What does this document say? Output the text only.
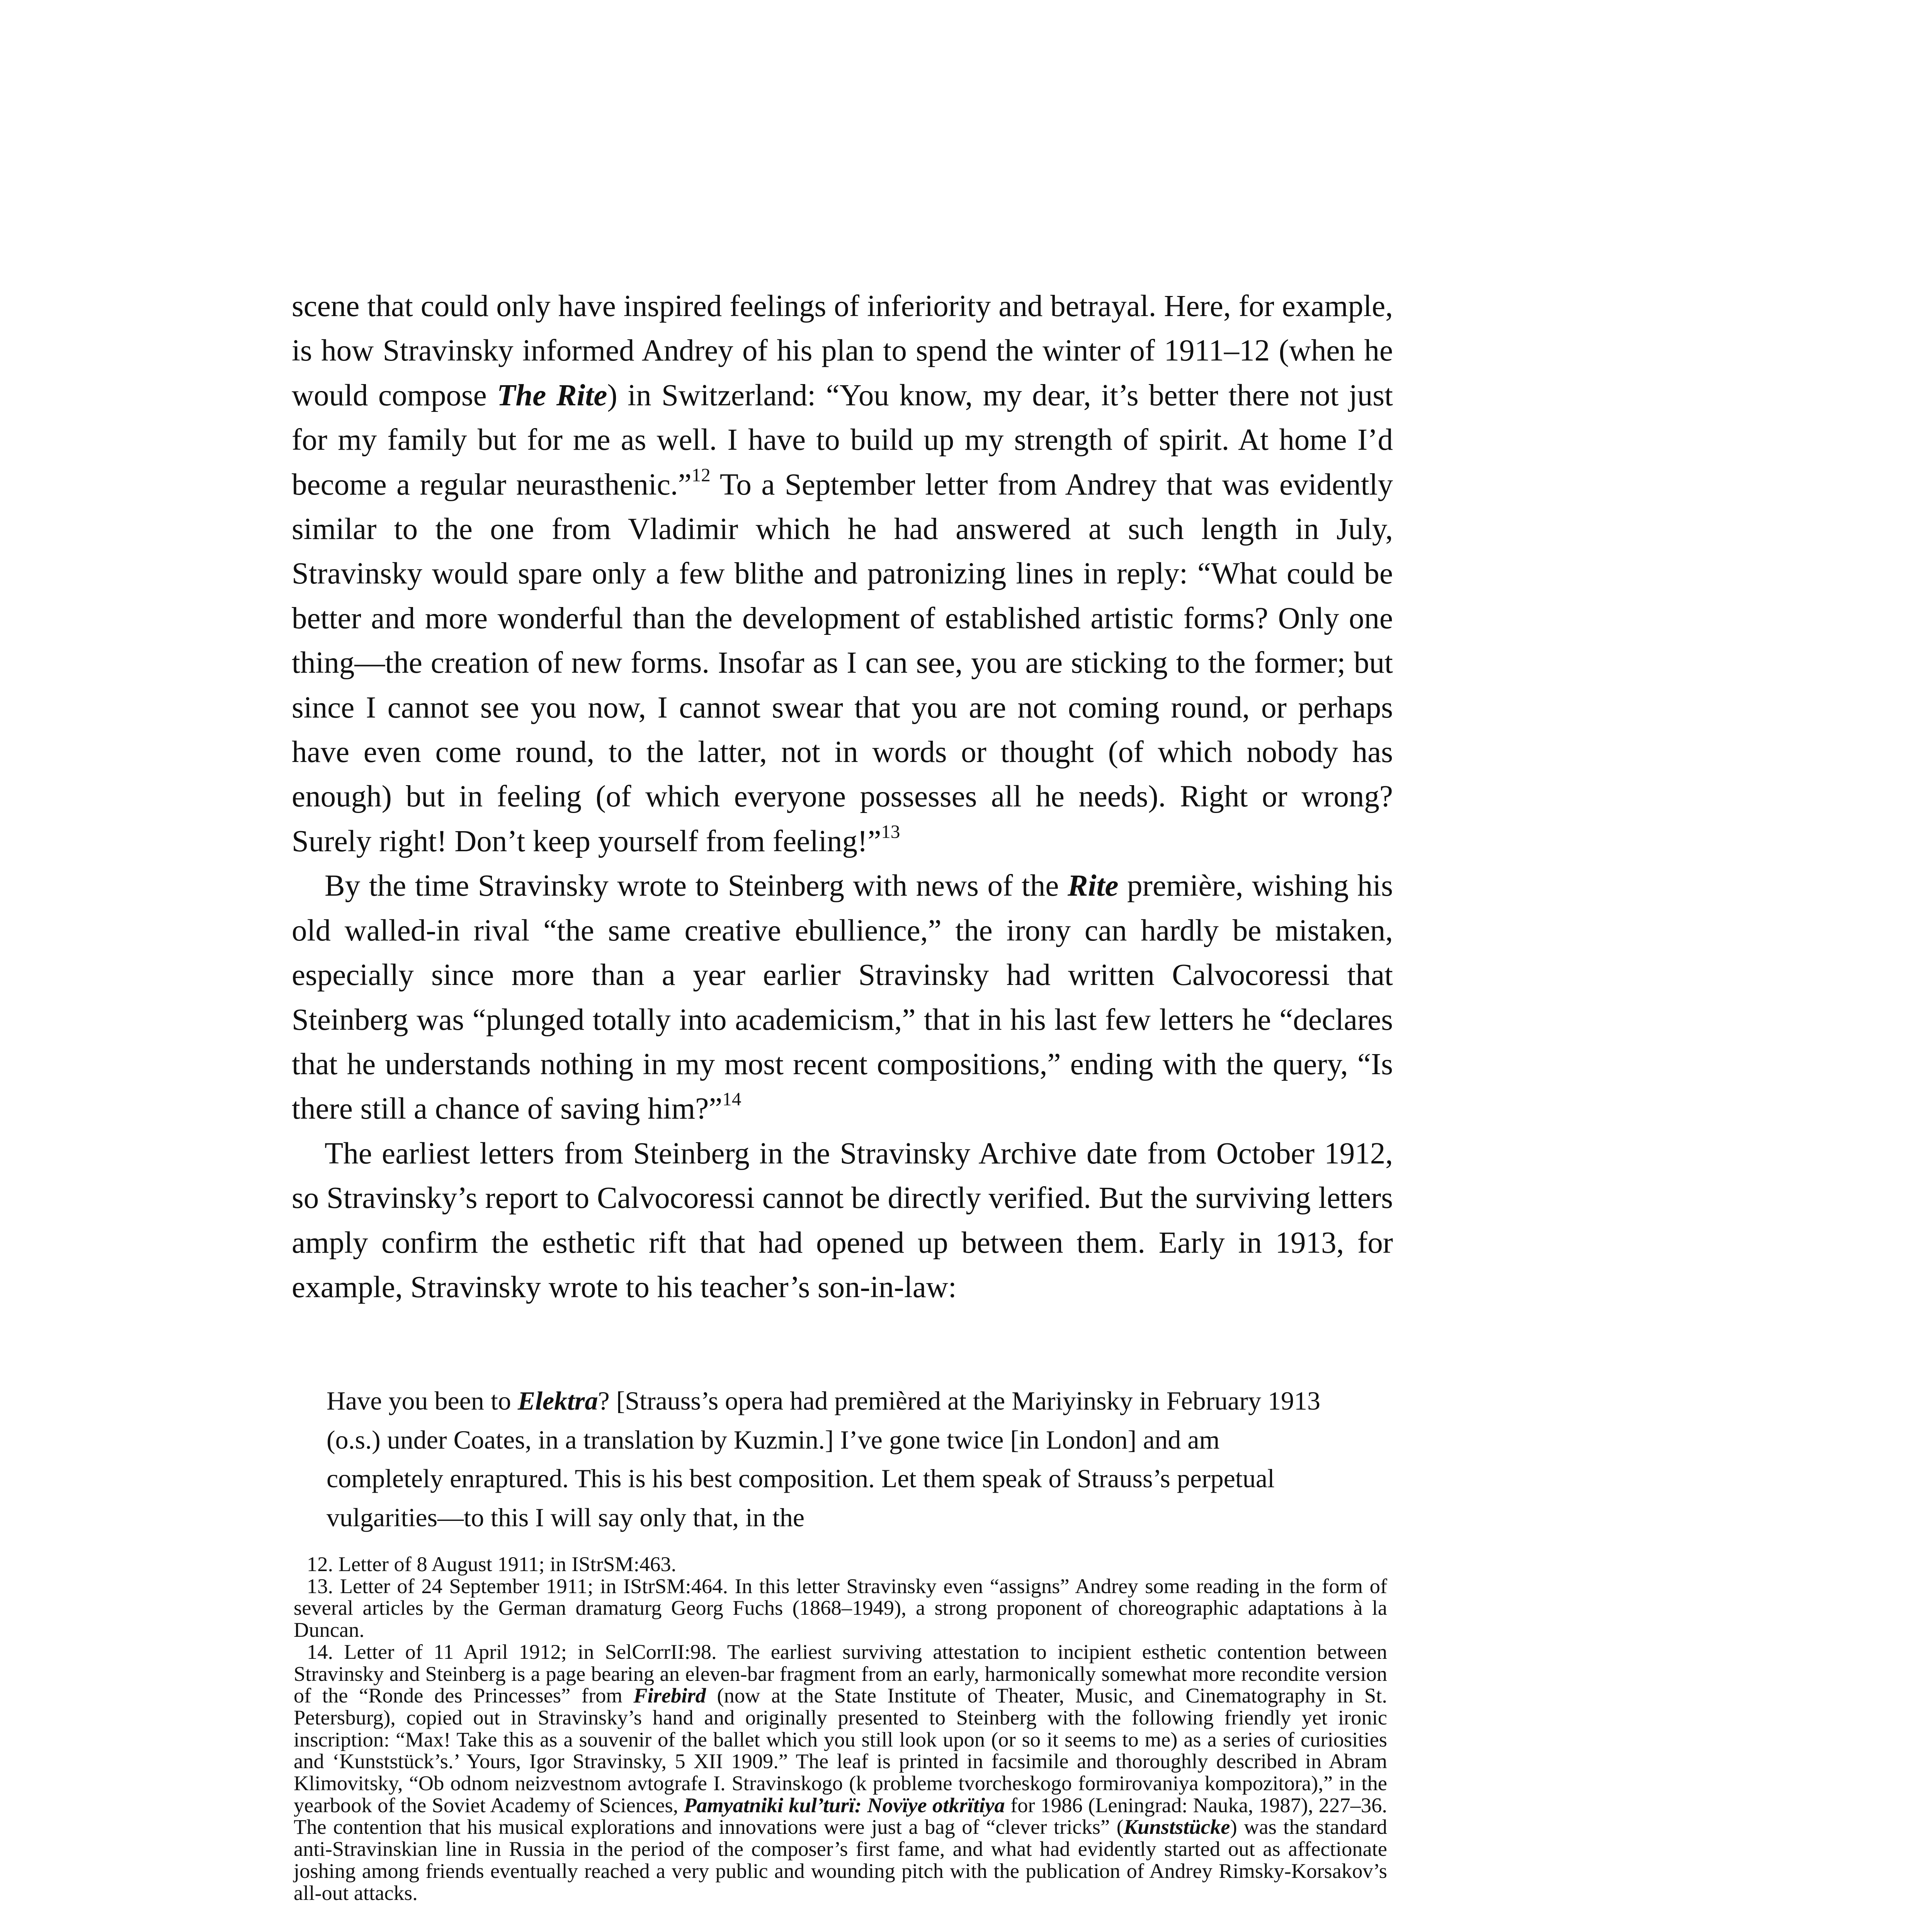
scene that could only have inspired feelings of inferiority and betrayal. Here, for example, is how Stravinsky informed Andrey of his plan to spend the winter of 1911–12 (when he would compose The Rite) in Switzerland: “You know, my dear, it’s better there not just for my family but for me as well. I have to build up my strength of spirit. At home I’d become a regular neurasthenic.”$^{12}$ To a September letter from Andrey that was evidently similar to the one from Vladimir which he had answered at such length in July, Stravinsky would spare only a few blithe and patronizing lines in reply: “What could be better and more wonderful than the development of established artistic forms? Only one thing—the creation of new forms. Insofar as I can see, you are sticking to the former; but since I cannot see you now, I cannot swear that you are not coming round, or perhaps have even come round, to the latter, not in words or thought (of which nobody has enough) but in feeling (of which everyone possesses all he needs). Right or wrong? Surely right! Don’t keep yourself from feeling!”$^{13}$

By the time Stravinsky wrote to Steinberg with news of the Rite première, wishing his old walled-in rival “the same creative ebullience,” the irony can hardly be mistaken, especially since more than a year earlier Stravinsky had written Calvocoressi that Steinberg was “plunged totally into academicism,” that in his last few letters he “declares that he understands nothing in my most recent compositions,” ending with the query, “Is there still a chance of saving him?”$^{14}$

The earliest letters from Steinberg in the Stravinsky Archive date from October 1912, so Stravinsky’s report to Calvocoressi cannot be directly verified. But the surviving letters amply confirm the esthetic rift that had opened up between them. Early in 1913, for example, Stravinsky wrote to his teacher’s son-in-law:

Have you been to Elektra? [Strauss’s opera had premièred at the Mariyinsky in February 1913 (o.s.) under Coates, in a translation by Kuzmin.] I’ve gone twice [in London] and am completely enraptured. This is his best composition. Let them speak of Strauss’s perpetual vulgarities—to this I will say only that, in the

12. Letter of 8 August 1911; in IStrSM:463.

13. Letter of 24 September 1911; in IStrSM:464. In this letter Stravinsky even “assigns” Andrey some reading in the form of several articles by the German dramaturg Georg Fuchs (1868–1949), a strong proponent of choreographic adaptations à la Duncan.

14. Letter of 11 April 1912; in SelCorrII:98. The earliest surviving attestation to incipient esthetic contention between Stravinsky and Steinberg is a page bearing an eleven-bar fragment from an early, harmonically somewhat more recondite version of the “Ronde des Princesses” from Firebird (now at the State Institute of Theater, Music, and Cinematography in St. Petersburg), copied out in Stravinsky’s hand and originally presented to Steinberg with the following friendly yet ironic inscription: “Max! Take this as a souvenir of the ballet which you still look upon (or so it seems to me) as a series of curiosities and ‘Kunststück’s.’ Yours, Igor Stravinsky, 5 XII 1909.” The leaf is printed in facsimile and thoroughly described in Abram Klimovitsky, “Ob odnom neizvestnom avtografe I. Stravinskogo (k probleme tvorcheskogo formirovaniya kompozitora),” in the yearbook of the Soviet Academy of Sciences, Pamyatniki kul’turï: Novïye otkrïtiya for 1986 (Leningrad: Nauka, 1987), 227–36. The contention that his musical explorations and innovations were just a bag of “clever tricks” (Kunststücke) was the standard anti-Stravinskian line in Russia in the period of the composer’s first fame, and what had evidently started out as affectionate joshing among friends eventually reached a very public and wounding pitch with the publication of Andrey Rimsky-Korsakov’s all-out attacks.
